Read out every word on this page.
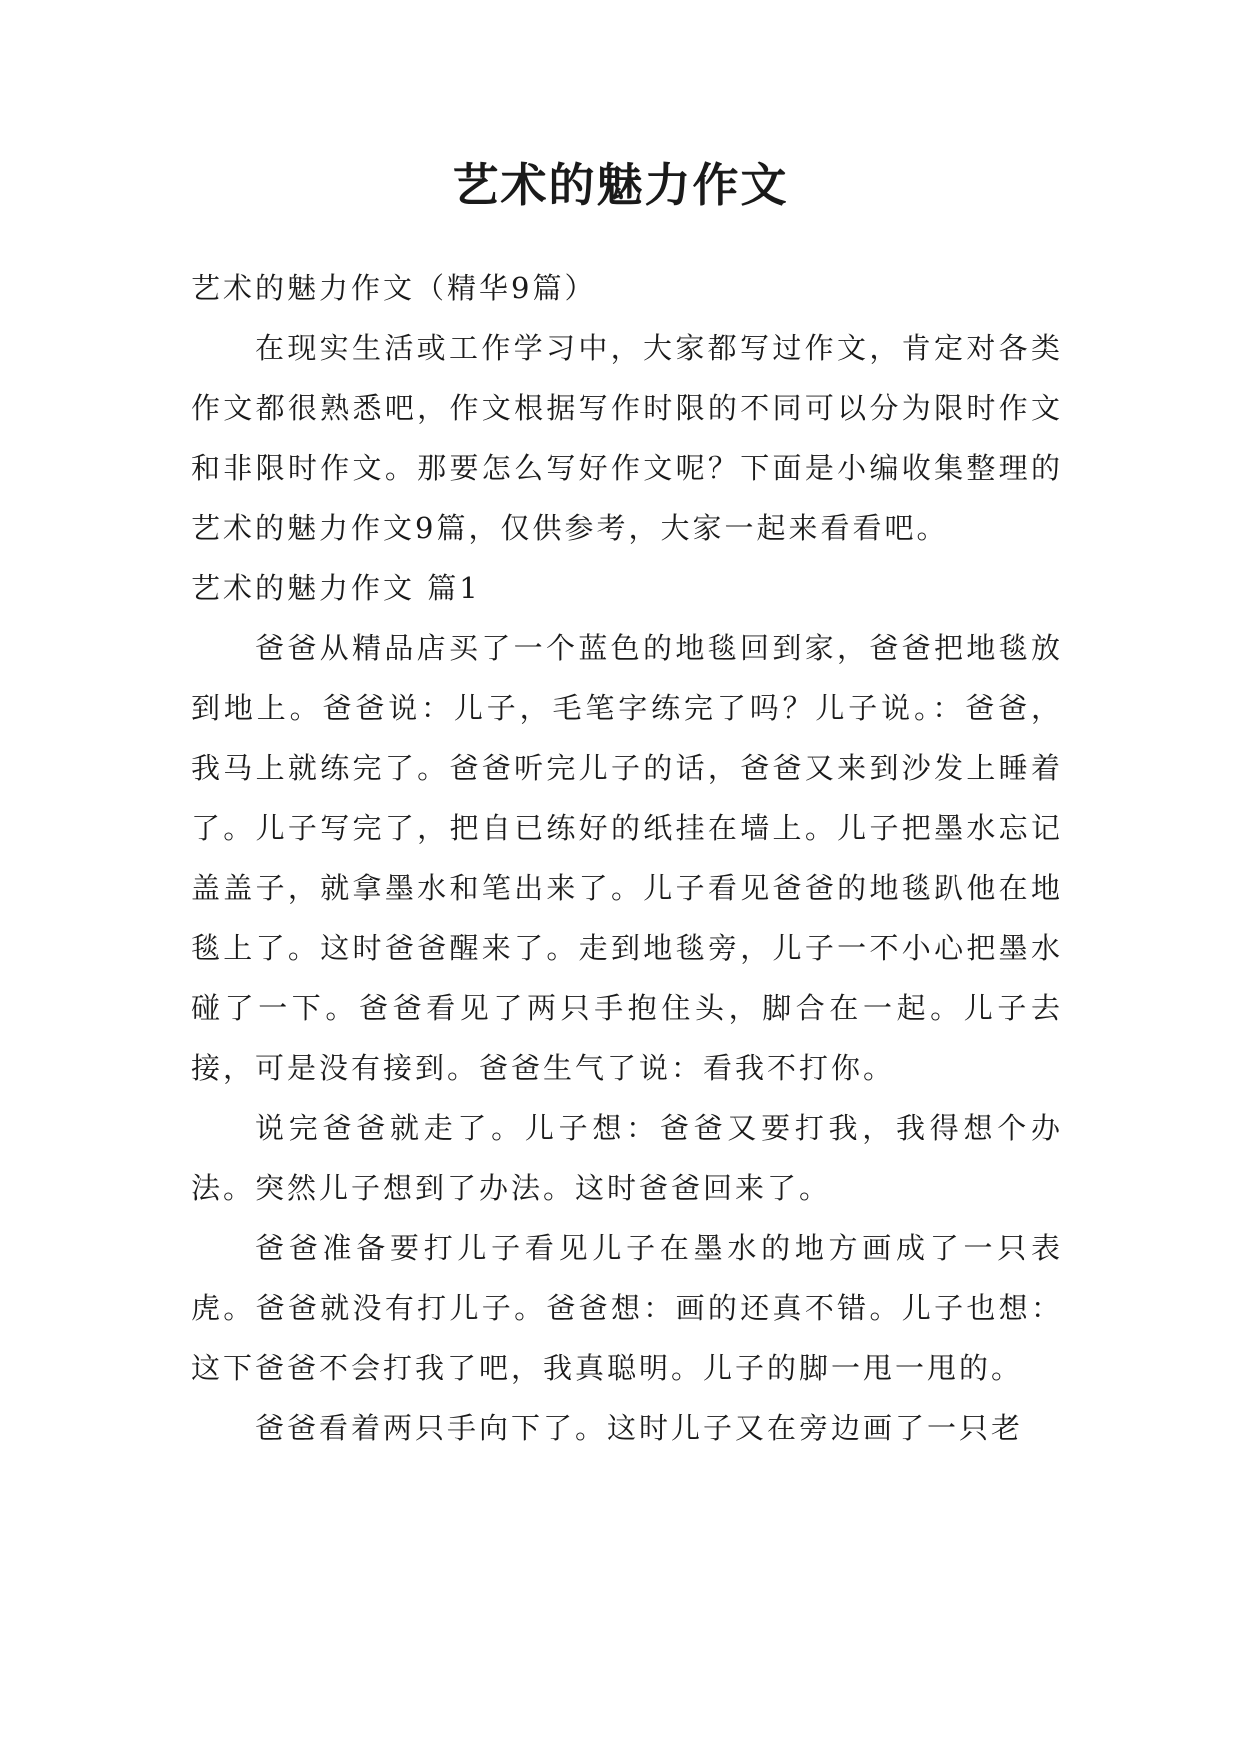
艺术的魅力作文

艺术的魅力作文（精华9篇）

在现实生活或工作学习中，大家都写过作文，肯定对各类作文都很熟悉吧，作文根据写作时限的不同可以分为限时作文和非限时作文。那要怎么写好作文呢？下面是小编收集整理的艺术的魅力作文9篇，仅供参考，大家一起来看看吧。

艺术的魅力作文 篇1

爸爸从精品店买了一个蓝色的地毯回到家，爸爸把地毯放到地上。爸爸说：儿子，毛笔字练完了吗？儿子说。：爸爸，我马上就练完了。爸爸听完儿子的话，爸爸又来到沙发上睡着了。儿子写完了，把自已练好的纸挂在墙上。儿子把墨水忘记盖盖子，就拿墨水和笔出来了。儿子看见爸爸的地毯趴他在地毯上了。这时爸爸醒来了。走到地毯旁，儿子一不小心把墨水碰了一下。爸爸看见了两只手抱住头，脚合在一起。儿子去接，可是没有接到。爸爸生气了说：看我不打你。

说完爸爸就走了。儿子想：爸爸又要打我，我得想个办法。突然儿子想到了办法。这时爸爸回来了。

爸爸准备要打儿子看见儿子在墨水的地方画成了一只表虎。爸爸就没有打儿子。爸爸想：画的还真不错。儿子也想：这下爸爸不会打我了吧，我真聪明。儿子的脚一甩一甩的。

爸爸看着两只手向下了。这时儿子又在旁边画了一只老
